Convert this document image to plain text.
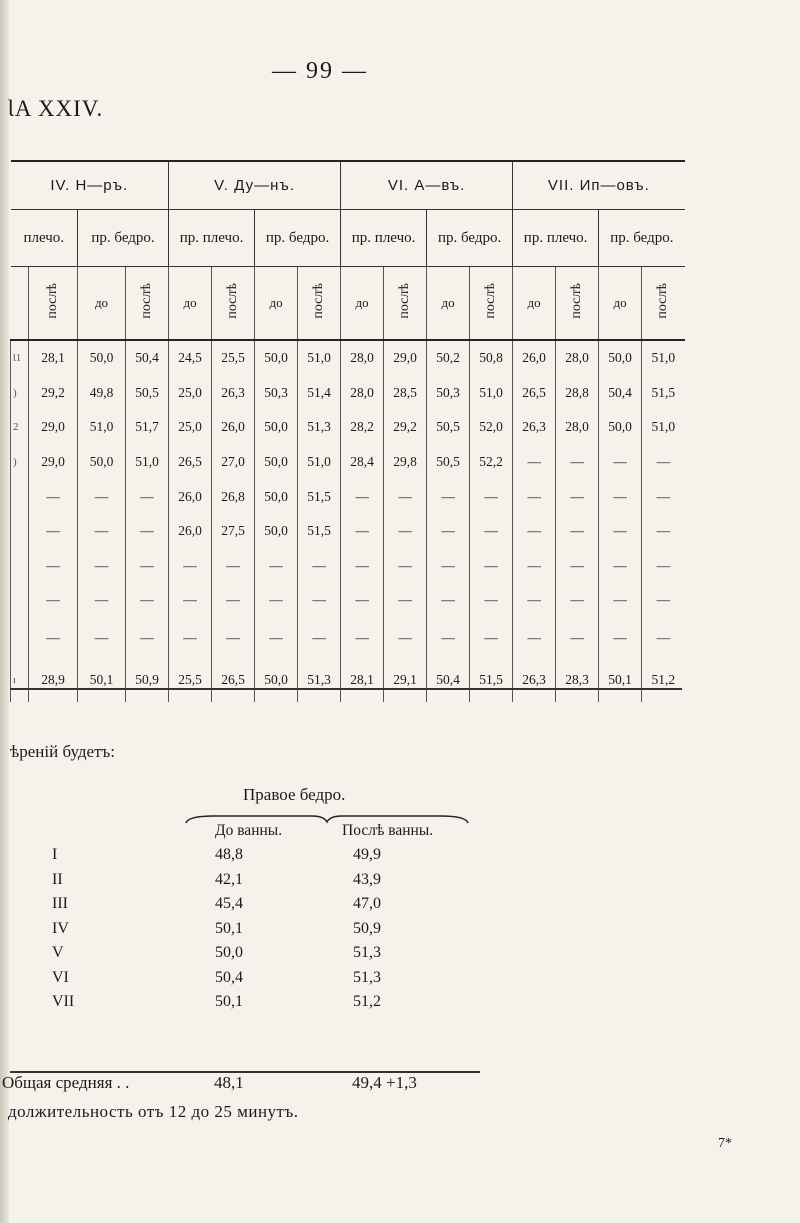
— 99 —
ƖA XXIV.
IV. Н—ръ.				V. Ду—нъ.				VI. А—въ.				VII. Ип—овъ.			
плечо.		пр. бедро.		пр. плечо.		пр. бедро.		пр. плечо.		пр. бедро.		пр. плечо.		пр. бедро.	
	послѣ	до	послѣ	до	послѣ	до	послѣ	до	послѣ	до	послѣ	до	послѣ	до	послѣ
Ɩ1	28,1	50,0	50,4	24,5	25,5	50,0	51,0	28,0	29,0	50,2	50,8	26,0	28,0	50,0	51,0
)	29,2	49,8	50,5	25,0	26,3	50,3	51,4	28,0	28,5	50,3	51,0	26,5	28,8	50,4	51,5
2	29,0	51,0	51,7	25,0	26,0	50,0	51,3	28,2	29,2	50,5	52,0	26,3	28,0	50,0	51,0
)	29,0	50,0	51,0	26,5	27,0	50,0	51,0	28,4	29,8	50,5	52,2	—	—	—	—
	—	—	—	26,0	26,8	50,0	51,5	—	—	—	—	—	—	—	—
	—	—	—	26,0	27,5	50,0	51,5	—	—	—	—	—	—	—	—
	—	—	—	—	—	—	—	—	—	—	—	—	—	—	—
	—	—	—	—	—	—	—	—	—	—	—	—	—	—	—
	—	—	—	—	—	—	—	—	—	—	—	—	—	—	—
ı	28,9	50,1	50,9	25,5	26,5	50,0	51,3	28,1	29,1	50,4	51,5	26,3	28,3	50,1	51,2
ѣреній будетъ:
Правое бедро.
До ванны.	Послѣ ванны.
I	48,8	49,9
II	42,1	43,9
III	45,4	47,0
IV	50,1	50,9
V	50,0	51,3
VI	50,4	51,3
VII	50,1	51,2
Общая средняя . .	48,1	49,4 +1,3
должительность отъ 12 до 25 минутъ.
7*
